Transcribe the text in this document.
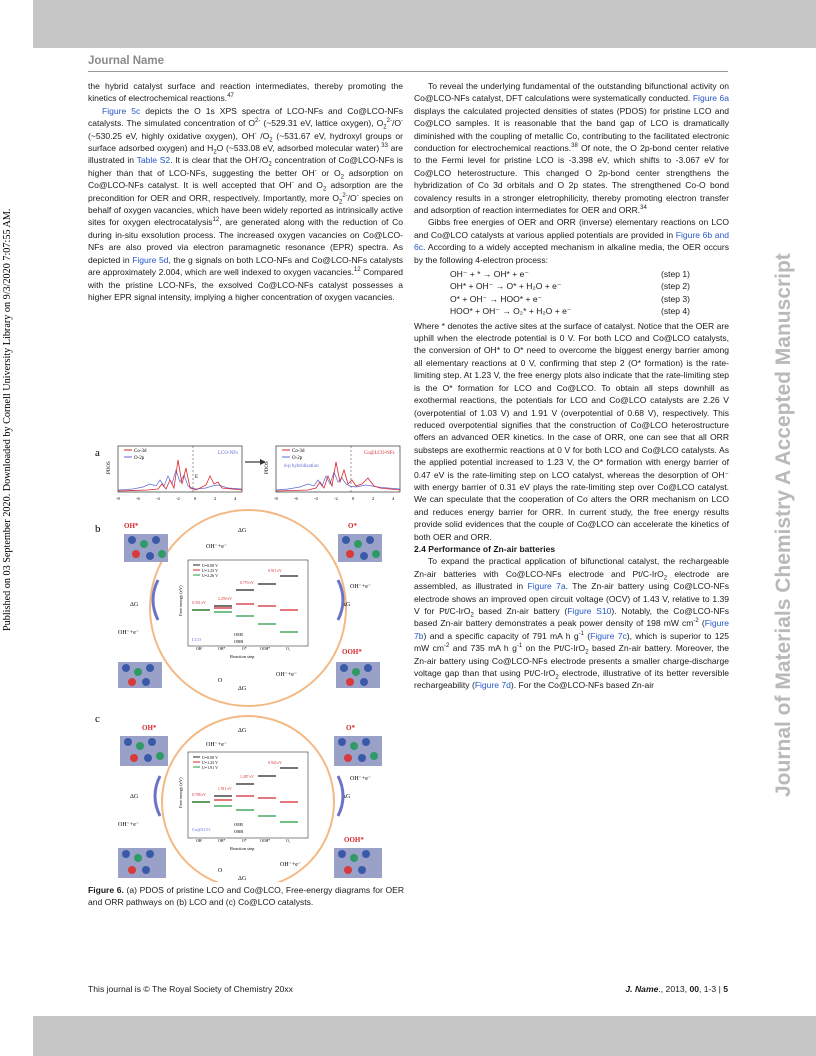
Journal Name
Published on 03 September 2020. Downloaded by Cornell University Library on 9/3/2020 7:07:55 AM.	Journal of Materials Chemistry A Accepted Manuscript

the hybrid catalyst surface and reaction intermediates, thereby promoting the kinetics of electrochemical reactions.$^{47}$

Figure 5c depicts the O 1s XPS spectra of LCO-NFs and Co@LCO-NFs catalysts. The simulated concentration of $O^{2-}$ (~529.31 eV, lattice oxygen), $O_2^{2-}/O^-$ (~530.25 eV, highly oxidative oxygen), OH- $/O_2$ (~531.67 eV, hydroxyl groups or surface adsorbed oxygen) and $H_2O$ (~533.08 eV, adsorbed molecular water) $^{33}$ are illustrated in Table S2. It is clear that the $OH^-/O_2$ concentration of Co@LCO-NFs is higher than that of LCO-NFs, suggesting the better OH- or $O_2$ adsorption on Co@LCO-NFs catalyst. It is well accepted that OH- and $O_2$ adsorption are the precondition for OER and ORR, respectively. Importantly, more $O_2^{2-}/O^-$ species on behalf of oxygen vacancies, which have been widely reported as intrinsically active sites for oxygen electrocatalysis$^{12}$, are generated along with the reduction of Co during in-situ exsolution process. The increased oxygen vacancies on Co@LCO-NFs are also proved via electron paramagnetic resonance (EPR) spectra. As depicted in Figure 5d, the g signals on both LCO-NFs and Co@LCO-NFs catalysts are approximately 2.004, which are well indexed to oxygen vacancies.$^{12}$ Compared with the pristine LCO-NFs, the exsolved Co@LCO-NFs catalyst possesses a higher EPR signal intensity, implying a higher concentration of oxygen vacancies.

a
PDOS
Co-3d
O-2p
LCO-NFs
E
-8	-6	-4	-2	0	2	4
PDOS
Co-3d
O-2p
Co@LCO-NFs
d-p hybridization
-8	-6	-4	-2	0	2	4
b	OH*	O*
OOH*
ΔG
OH⁻+e⁻
OH⁻+e⁻
OH⁻+e⁻
OH⁻+e⁻
ΔG	ΔG
ΔG
O
Free energy (eV)
Reaction step
LCO
OER
ORR
U=0.00 V
U=1.23 V
U=2.26 V
0.351 eV
2.259 eV
0.770 eV
0.911 eV
OH⁻	OH*	O*	OOH*	O₂
c
OH*	O*
OOH*
ΔG
OH⁻+e⁻
OH⁻+e⁻
OH⁻+e⁻
OH⁻+e⁻
ΔG	ΔG
ΔG
O
Free energy (eV)
Reaction step
Co@LCO
OER
ORR
U=0.00 V
U=1.23 V
U=1.91 V
0.798 eV
1.911 eV
1.287 eV
0.924 eV
OH⁻	OH*	O*	OOH*	O₂
Figure 6. (a) PDOS of pristine LCO and Co@LCO, Free-energy diagrams for OER and ORR pathways on (b) LCO and (c) Co@LCO catalysts.

To reveal the underlying fundamental of the outstanding bifunctional activity on Co@LCO-NFs catalyst, DFT calculations were systematically conducted. Figure 6a displays the calculated projected densities of states (PDOS) for pristine LCO and Co@LCO samples. It is reasonable that the band gap of LCO is dramatically diminished with the coupling of metallic Co, contributing to the facilitated electronic conduction for electrochemical reactions.$^{38}$ Of note, the O 2p-bond center relative to the Fermi level for pristine LCO is -3.398 eV, which shifts to -3.067 eV for Co@LCO heterostructure. This changed O 2p-bond center strengthens the hybridization of Co 3d orbitals and O 2p states. The strengthened Co-O bond covalency results in a stronger eletrophilicity, thereby promoting electron transfer and adsorption of reaction intermediates for OER and ORR.$^{34}$

Gibbs free energies of OER and ORR (inverse) elementary reactions on LCO and Co@LCO catalysts at various applied potentials are provided in Figure 6b and 6c. According to a widely accepted mechanism in alkaline media, the OER occurs by the following 4-electron process:

OH⁻ + * → OH* + e⁻	(step 1)
OH* + OH⁻ → O* + H₂O + e⁻	(step 2)
O* + OH⁻ → HOO* + e⁻	(step 3)
HOO* + OH⁻ → O₂* + H₂O + e⁻	(step 4)

Where * denotes the active sites at the surface of catalyst. Notice that the OER are uphill when the electrode potential is 0 V. For both LCO and Co@LCO catalysts, the conversion of OH* to O* need to overcome the biggest energy barrier among all elementary reactions at 0 V, confirming that step 2 (O* formation) is the rate-limiting step. At 1.23 V, the free energy plots also indicate that the rate-limiting step is the O* formation for LCO and Co@LCO. To obtain all steps downhill as exothermal reactions, the potentials for LCO and Co@LCO catalysts are 2.26 V (overpotential of 1.03 V) and 1.91 V (overpotential of 0.68 V), respectively. This reduced overpotential signifies that the construction of Co@LCO heterostructure offers an advanced OER kinetics. In the case of ORR, one can see that all ORR substeps are exothermic reactions at 0 V for both LCO and Co@LCO catalysts. As the applied potential increased to 1.23 V, the O* formation with energy barrier of 0.47 eV is the rate-limiting step on LCO catalyst, whereas the desorption of OH⁻ with energy barrier of 0.31 eV plays the rate-limiting step over Co@LCO catalyst. We can speculate that the cooperation of Co alters the ORR mechanism on LCO and reduces energy barrier for ORR. In current study, the free energy results provide solid evidences that the couple of Co@LCO can accelerate the kinetics of both OER and ORR.

2.4 Performance of Zn-air batteries

To expand the practical application of bifunctional catalyst, the rechargeable Zn-air batteries with Co@LCO-NFs electrode and Pt/C-IrO$_2$ electrode are assembled, as illustrated in Figure 7a. The Zn-air battery using Co@LCO-NFs electrode shows an improved open circuit voltage (OCV) of 1.43 V, relative to 1.39 V for Pt/C-IrO$_2$ based Zn-air battery (Figure S10). Notably, the Co@LCO-NFs based Zn-air battery demonstrates a peak power density of 198 mW $cm^{-2}$ (Figure 7b) and a specific capacity of 791 mA h $g^{-1}$ (Figure 7c), which is superior to 125 mW $cm^{-2}$ and 735 mA h $g^{-1}$ on the Pt/C-IrO$_2$ based Zn-air battery. Moreover, the Zn-air battery using Co@LCO-NFs electrode presents a smaller charge-discharge voltage gap than that using Pt/C-IrO$_2$ electrode, illustrative of its better reversible rechargeability (Figure 7d). For the Co@LCO-NFs based Zn-air

This journal is © The Royal Society of Chemistry 20xx	J. Name., 2013, 00, 1-3 | 5
